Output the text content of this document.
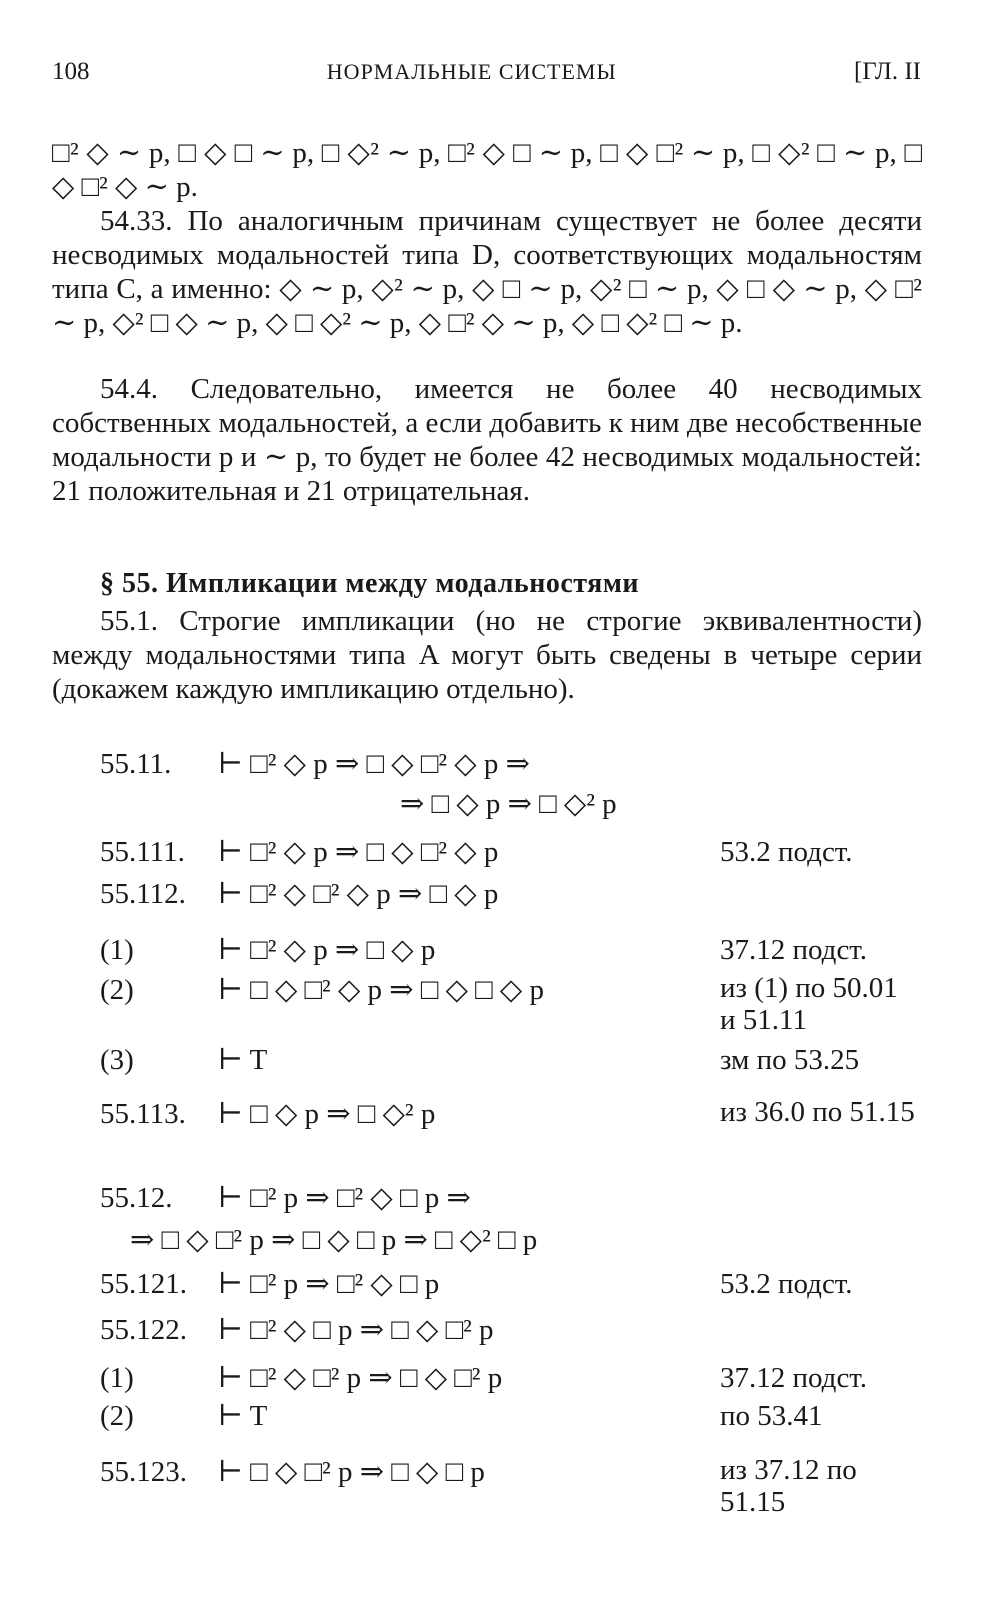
108	НОРМАЛЬНЫЕ СИСТЕМЫ	[ГЛ. II
□² ◇ ∼ p, □ ◇ □ ∼ p, □ ◇² ∼ p, □² ◇ □ ∼ p, □ ◇ □² ∼ p, □ ◇² □ ∼ p, □ ◇ □² ◇ ∼ p.
54.33. По аналогичным причинам существует не более десяти несводимых модальностей типа D, соответствующих модальностям типа C, а именно: ◇ ∼ p, ◇² ∼ p, ◇ □ ∼ p, ◇² □ ∼ p, ◇ □ ◇ ∼ p, ◇ □² ∼ p, ◇² □ ◇ ∼ p, ◇ □ ◇² ∼ p, ◇ □² ◇ ∼ p, ◇ □ ◇² □ ∼ p.
54.4. Следовательно, имеется не более 40 несводимых собственных модальностей, а если добавить к ним две несобственные модальности p и ∼ p, то будет не более 42 несводимых модальностей: 21 положительная и 21 отрицательная.
§ 55. Импликации между модальностями
55.1. Строгие импликации (но не строгие эквивалентности) между модальностями типа A могут быть сведены в четыре серии (докажем каждую импликацию отдельно).
55.11. ⊢ □² ◇ p ⇒ □ ◇ □² ◇ p ⇒
⇒ □ ◇ p ⇒ □ ◇² p
55.111. ⊢ □² ◇ p ⇒ □ ◇ □² ◇ p	53.2 подст.
55.112. ⊢ □² ◇ □² ◇ p ⇒ □ ◇ p
(1)	⊢ □² ◇ p ⇒ □ ◇ p	37.12 подст.
(2)	⊢ □ ◇ □² ◇ p ⇒ □ ◇ □ ◇ p	из (1) по 50.01 и 51.11
(3)	⊢ T	зм по 53.25
55.113. ⊢ □ ◇ p ⇒ □ ◇² p	из 36.0 по 51.15
55.12. ⊢ □² p ⇒ □² ◇ □ p ⇒
⇒ □ ◇ □² p ⇒ □ ◇ □ p ⇒ □ ◇² □ p
55.121. ⊢ □² p ⇒ □² ◇ □ p	53.2 подст.
55.122. ⊢ □² ◇ □ p ⇒ □ ◇ □² p
(1)	⊢ □² ◇ □² p ⇒ □ ◇ □² p	37.12 подст.
(2)	⊢ T	по 53.41
55.123. ⊢ □ ◇ □² p ⇒ □ ◇ □ p	из 37.12 по 51.15
